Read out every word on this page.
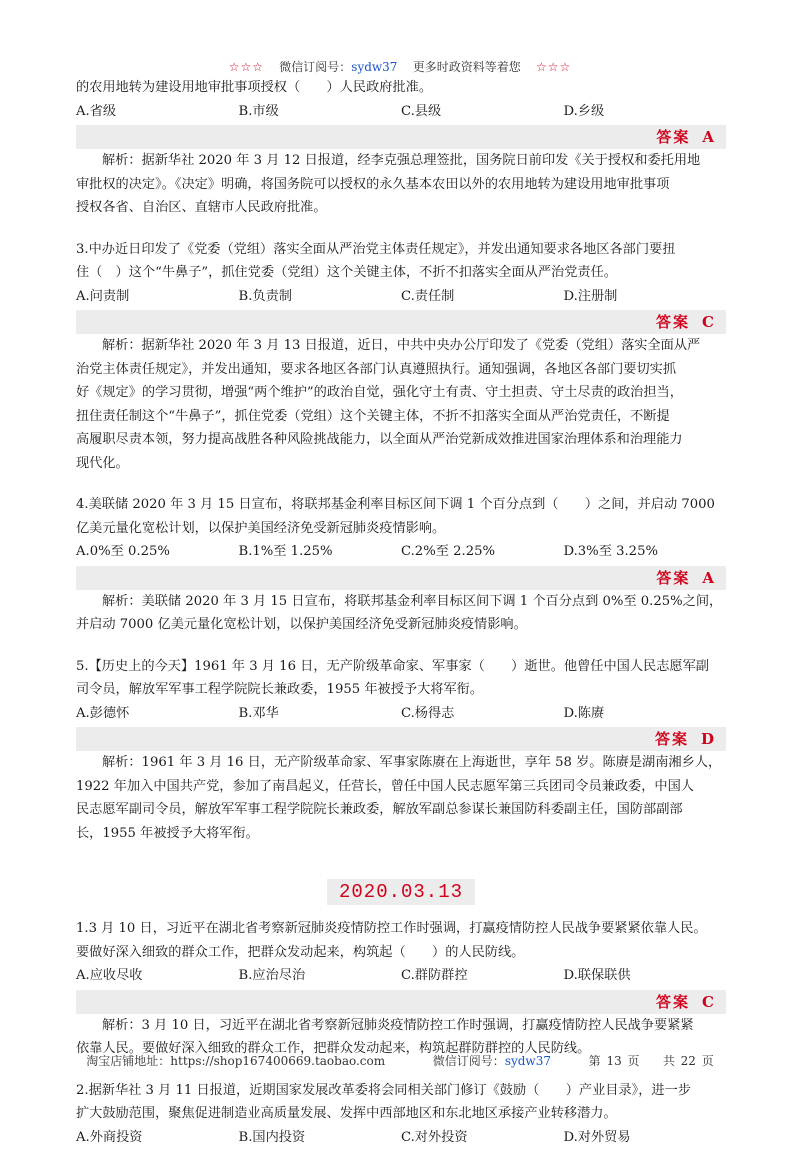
☆☆☆ 微信订阅号：sydw37 更多时政资料等着您 ☆☆☆
的农用地转为建设用地审批事项授权（　　）人民政府批准。
A.省级	B.市级	C.县级	D.乡级
答案 A
解析：据新华社 2020 年 3 月 12 日报道，经李克强总理签批，国务院日前印发《关于授权和委托用地
审批权的决定》。《决定》明确，将国务院可以授权的永久基本农田以外的农用地转为建设用地审批事项
授权各省、自治区、直辖市人民政府批准。
3.中办近日印发了《党委（党组）落实全面从严治党主体责任规定》，并发出通知要求各地区各部门要扭
住（　）这个“牛鼻子”，抓住党委（党组）这个关键主体，不折不扣落实全面从严治党责任。
A.问责制	B.负责制	C.责任制	D.注册制
答案 C
解析：据新华社 2020 年 3 月 13 日报道，近日，中共中央办公厅印发了《党委（党组）落实全面从严
治党主体责任规定》，并发出通知，要求各地区各部门认真遵照执行。通知强调，各地区各部门要切实抓
好《规定》的学习贯彻，增强“两个维护”的政治自觉，强化守土有责、守土担责、守土尽责的政治担当，
扭住责任制这个“牛鼻子”，抓住党委（党组）这个关键主体，不折不扣落实全面从严治党责任，不断提
高履职尽责本领，努力提高战胜各种风险挑战能力，以全面从严治党新成效推进国家治理体系和治理能力
现代化。
4.美联储 2020 年 3 月 15 日宣布，将联邦基金利率目标区间下调 1 个百分点到（　　）之间，并启动 7000
亿美元量化宽松计划，以保护美国经济免受新冠肺炎疫情影响。
A.0%至 0.25%	B.1%至 1.25%	C.2%至 2.25%	D.3%至 3.25%
答案 A
解析：美联储 2020 年 3 月 15 日宣布，将联邦基金利率目标区间下调 1 个百分点到 0%至 0.25%之间，
并启动 7000 亿美元量化宽松计划，以保护美国经济免受新冠肺炎疫情影响。
5.【历史上的今天】1961 年 3 月 16 日，无产阶级革命家、军事家（　　）逝世。他曾任中国人民志愿军副
司令员，解放军军事工程学院院长兼政委，1955 年被授予大将军衔。
A.彭德怀	B.邓华	C.杨得志	D.陈赓
答案 D
解析：1961 年 3 月 16 日，无产阶级革命家、军事家陈赓在上海逝世，享年 58 岁。陈赓是湖南湘乡人，
1922 年加入中国共产党，参加了南昌起义，任营长，曾任中国人民志愿军第三兵团司令员兼政委，中国人
民志愿军副司令员，解放军军事工程学院院长兼政委，解放军副总参谋长兼国防科委副主任，国防部副部
长，1955 年被授予大将军衔。
2020.03.13
1.3 月 10 日，习近平在湖北省考察新冠肺炎疫情防控工作时强调，打赢疫情防控人民战争要紧紧依靠人民。
要做好深入细致的群众工作，把群众发动起来，构筑起（　　）的人民防线。
A.应收尽收	B.应治尽治	C.群防群控	D.联保联供
答案 C
解析：3 月 10 日，习近平在湖北省考察新冠肺炎疫情防控工作时强调，打赢疫情防控人民战争要紧紧
依靠人民。要做好深入细致的群众工作，把群众发动起来，构筑起群防群控的人民防线。
2.据新华社 3 月 11 日报道，近期国家发展改革委将会同相关部门修订《鼓励（　　）产业目录》，进一步
扩大鼓励范围，聚焦促进制造业高质量发展、发挥中西部地区和东北地区承接产业转移潜力。
A.外商投资	B.国内投资	C.对外投资	D.对外贸易
淘宝店铺地址：https://shop167400669.taobao.com	微信订阅号：sydw37	第 13 页 共 22 页
